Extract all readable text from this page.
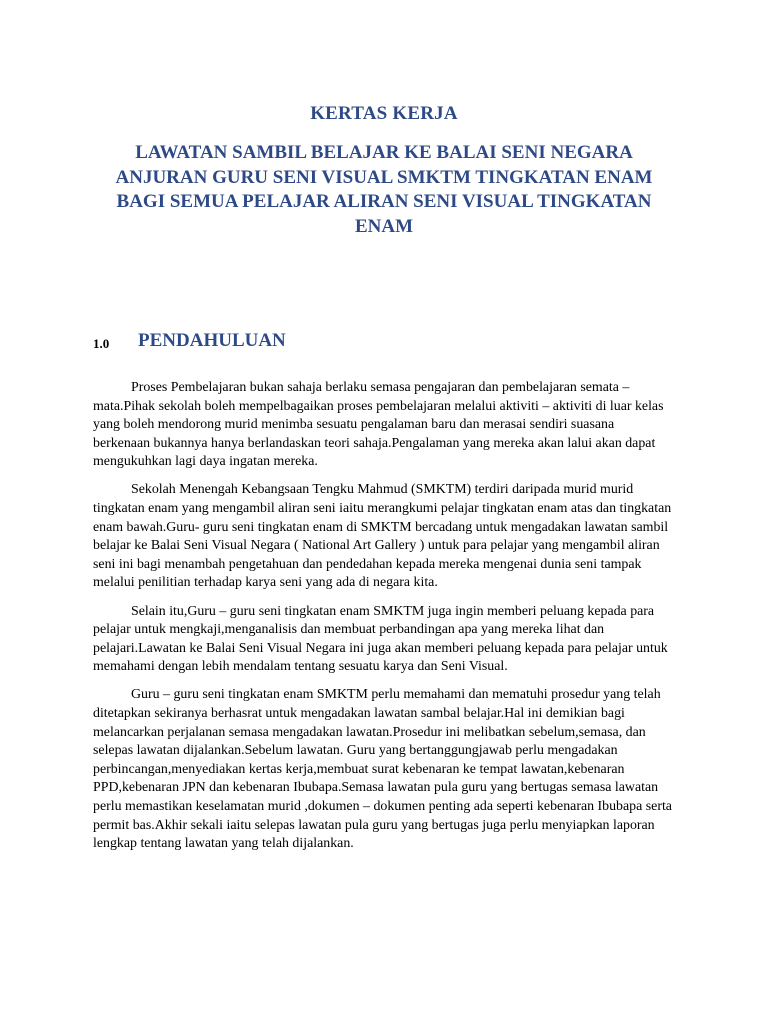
KERTAS KERJA
LAWATAN SAMBIL BELAJAR KE BALAI SENI NEGARA ANJURAN GURU SENI VISUAL SMKTM TINGKATAN ENAM BAGI SEMUA PELAJAR ALIRAN SENI VISUAL TINGKATAN ENAM
1.0 PENDAHULUAN

Proses Pembelajaran bukan sahaja berlaku semasa pengajaran dan pembelajaran semata – mata.Pihak sekolah boleh mempelbagaikan proses pembelajaran melalui aktiviti – aktiviti di luar kelas yang boleh mendorong murid menimba sesuatu pengalaman baru dan merasai sendiri suasana berkenaan bukannya hanya berlandaskan teori sahaja.Pengalaman yang mereka akan lalui akan dapat mengukuhkan lagi daya ingatan mereka.

Sekolah Menengah Kebangsaan Tengku Mahmud (SMKTM) terdiri daripada murid murid tingkatan enam yang mengambil aliran seni iaitu merangkumi pelajar tingkatan enam atas dan tingkatan enam bawah.Guru- guru seni tingkatan enam di SMKTM bercadang untuk mengadakan lawatan sambil belajar ke Balai Seni Visual Negara ( National Art Gallery ) untuk para pelajar yang mengambil aliran seni ini bagi menambah pengetahuan dan pendedahan kepada mereka mengenai dunia seni tampak melalui penilitian terhadap karya seni yang ada di negara kita.

Selain itu,Guru – guru seni tingkatan enam SMKTM juga ingin memberi peluang kepada para pelajar untuk mengkaji,menganalisis dan membuat perbandingan apa yang mereka lihat dan pelajari.Lawatan ke Balai Seni Visual Negara ini juga akan memberi peluang kepada para pelajar untuk memahami dengan lebih mendalam tentang sesuatu karya dan Seni Visual.

Guru – guru seni tingkatan enam SMKTM perlu memahami dan mematuhi prosedur yang telah ditetapkan sekiranya berhasrat untuk mengadakan lawatan sambal belajar.Hal ini demikian bagi melancarkan perjalanan semasa mengadakan lawatan.Prosedur ini melibatkan sebelum,semasa, dan selepas lawatan dijalankan.Sebelum lawatan. Guru yang bertanggungjawab perlu mengadakan perbincangan,menyediakan kertas kerja,membuat surat kebenaran ke tempat lawatan,kebenaran PPD,kebenaran JPN dan kebenaran Ibubapa.Semasa lawatan pula guru yang bertugas semasa lawatan perlu memastikan keselamatan murid ,dokumen – dokumen penting ada seperti kebenaran Ibubapa serta permit bas.Akhir sekali iaitu selepas lawatan pula guru yang bertugas juga perlu menyiapkan laporan lengkap tentang lawatan yang telah dijalankan.
